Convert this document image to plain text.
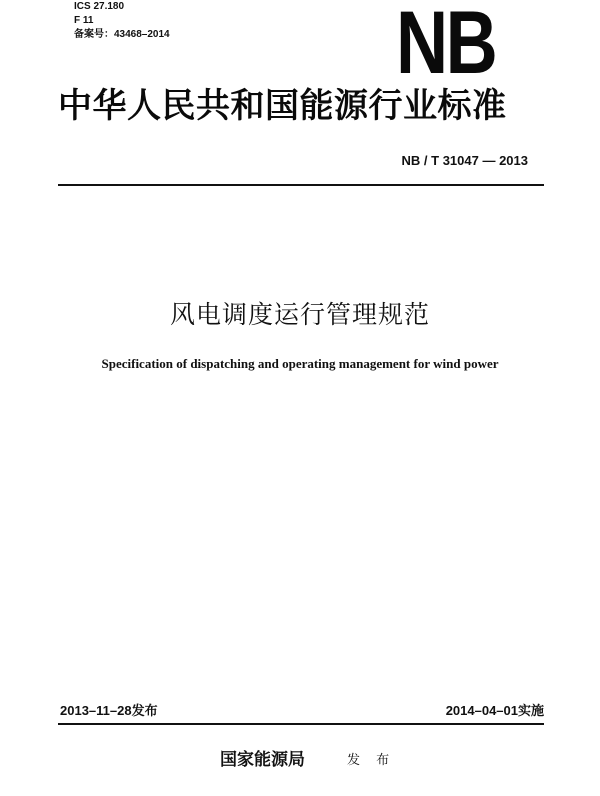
ICS 27.180
F 11
备案号：43468–2014	NB
中华人民共和国能源行业标准
NB / T 31047 — 2013
风电调度运行管理规范
Specification of dispatching and operating management for wind power
2013–11–28发布	2014–04–01实施
国家能源局	发 布
